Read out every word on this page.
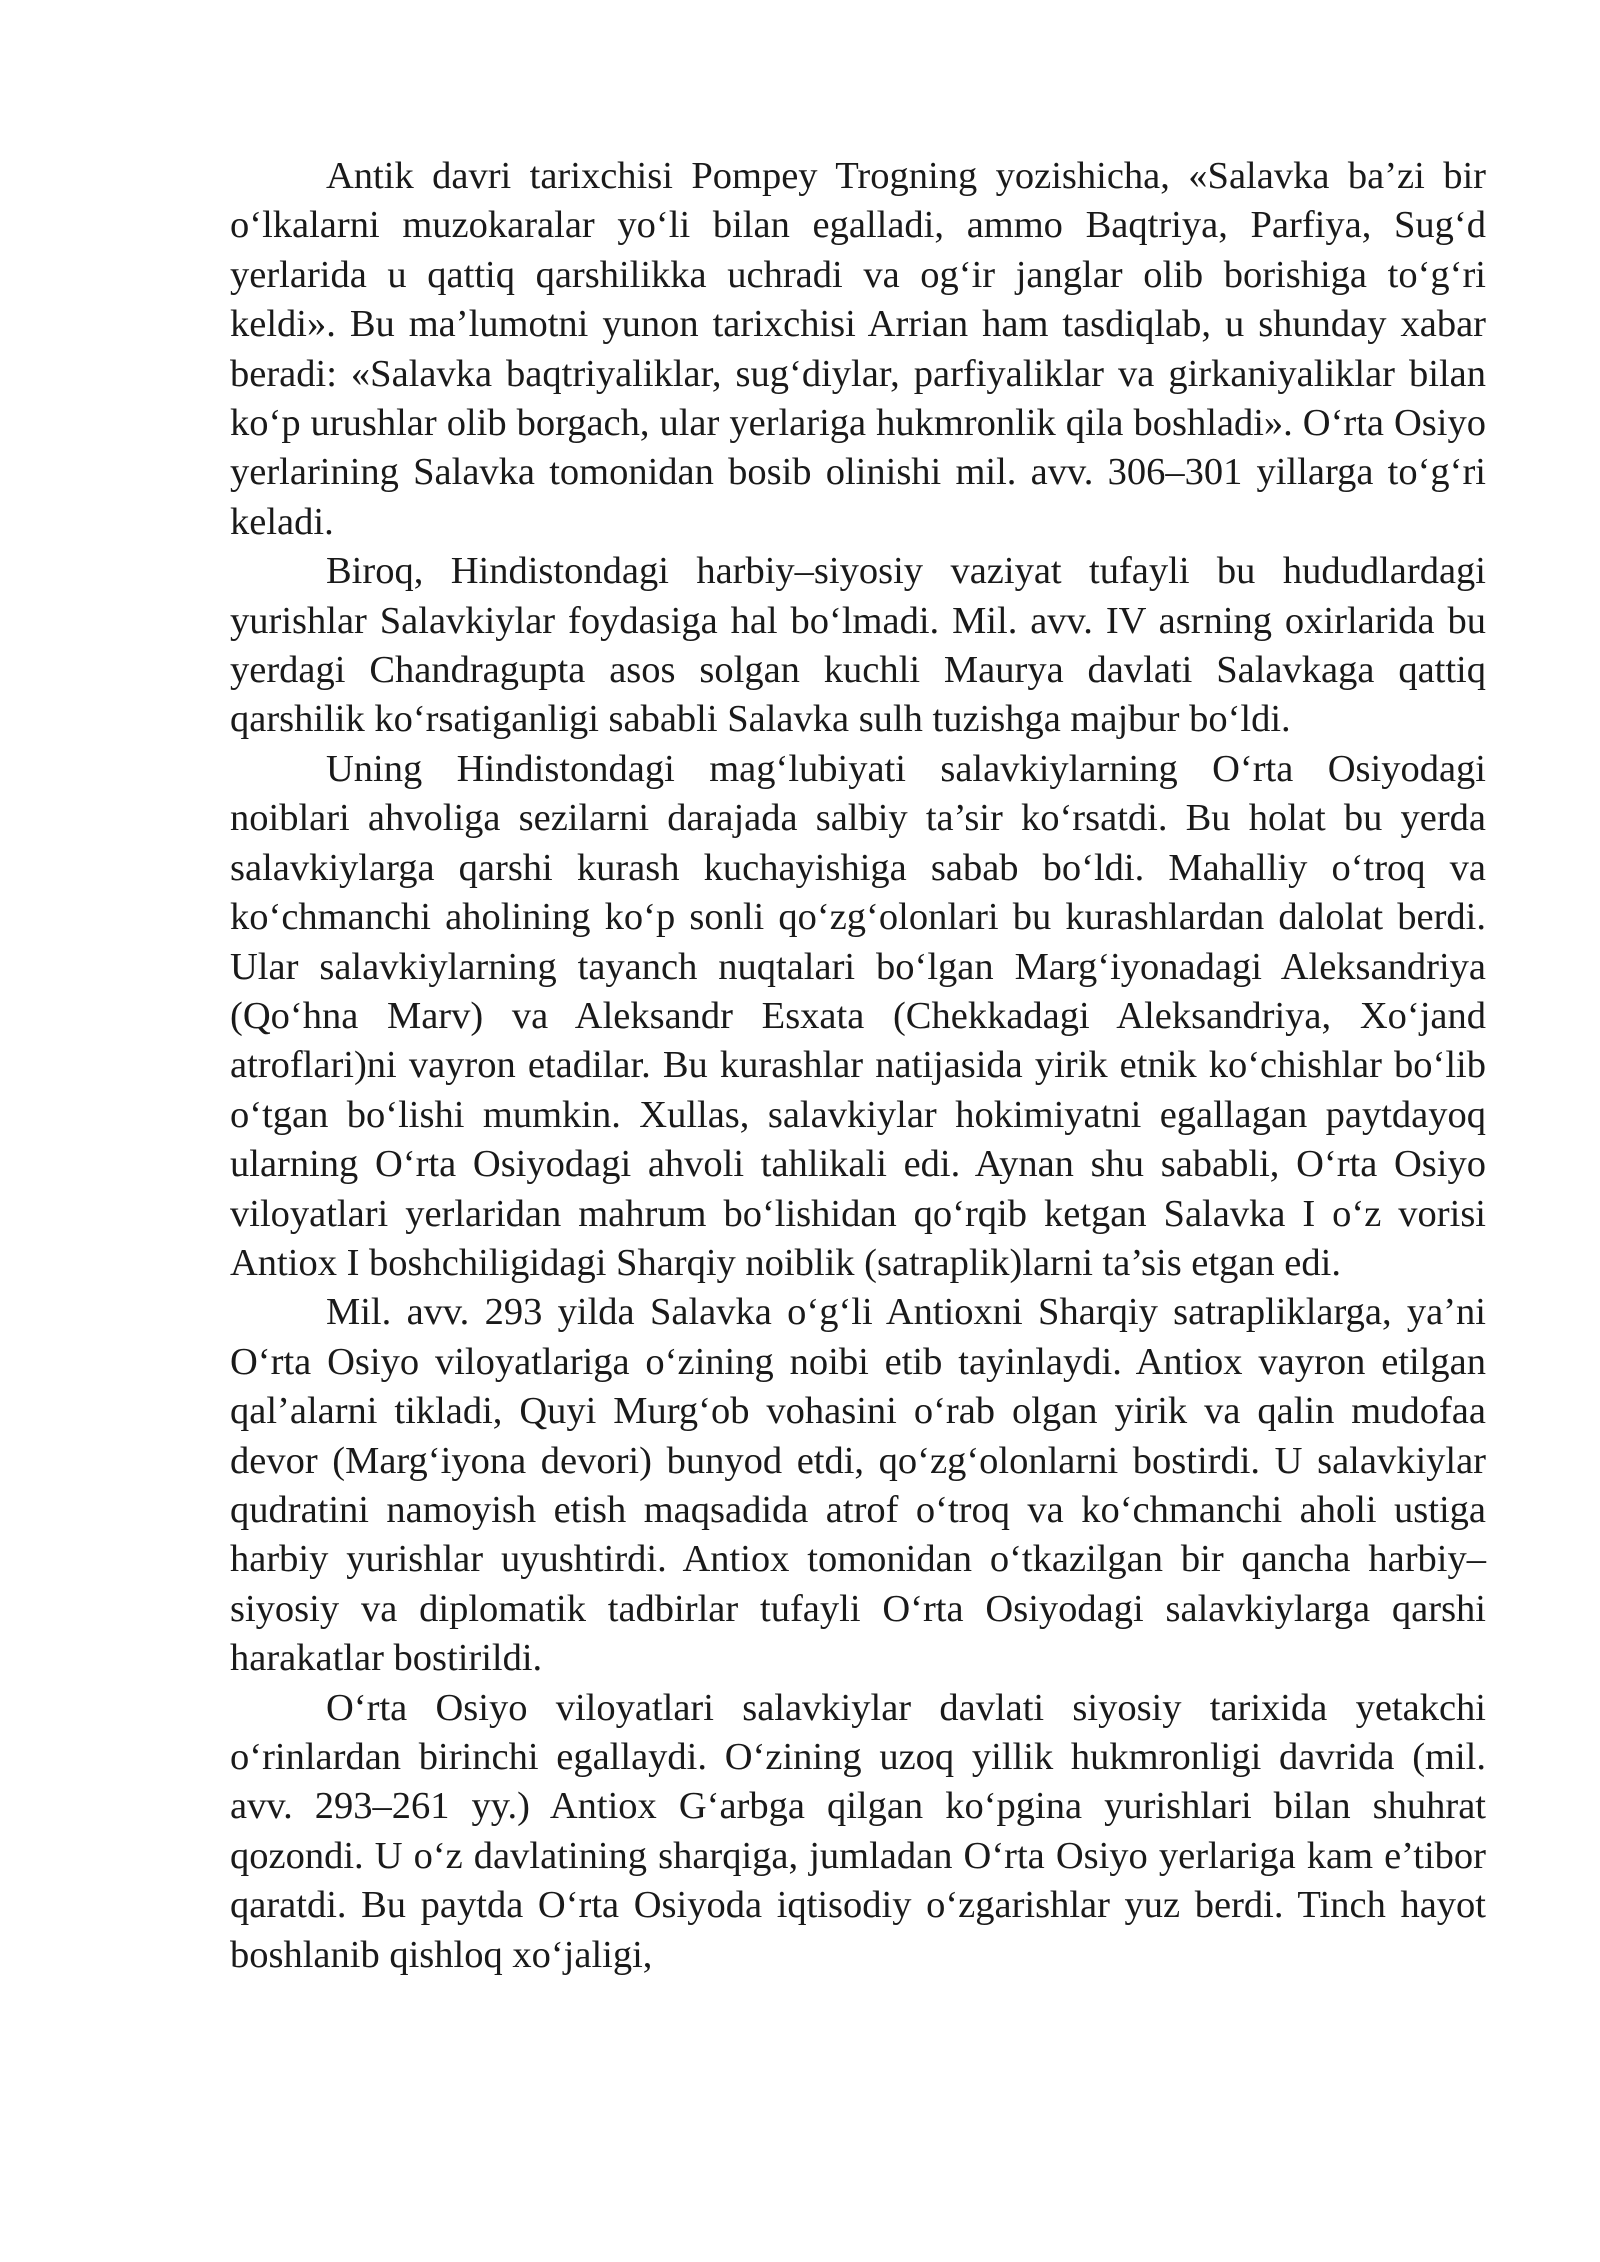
Antik davri tarixchisi Pompey Trogning yozishicha, «Salavka ba’zi bir o‘lkalarni muzokaralar yo‘li bilan egalladi, ammo Baqtriya, Parfiya, Sug‘d yerlarida u qattiq qarshilikka uchradi va og‘ir janglar olib borishiga to‘g‘ri keldi». Bu ma’lumotni yunon tarixchisi Arrian ham tasdiqlab, u shunday xabar beradi: «Salavka baqtriyaliklar, sug‘diylar, parfiyaliklar va girkaniyaliklar bilan ko‘p urushlar olib borgach, ular yerlariga hukmronlik qila boshladi». O‘rta Osiyo yerlarining Salavka tomonidan bosib olinishi mil. avv. 306–301 yillarga to‘g‘ri keladi.

Biroq, Hindistondagi harbiy–siyosiy vaziyat tufayli bu hududlardagi yurishlar Salavkiylar foydasiga hal bo‘lmadi. Mil. avv. IV asrning oxirlarida bu yerdagi Chandragupta asos solgan kuchli Maurya davlati Salavkaga qattiq qarshilik ko‘rsatiganligi sababli Salavka sulh tuzishga majbur bo‘ldi.

Uning Hindistondagi mag‘lubiyati salavkiylarning O‘rta Osiyodagi noiblari ahvoliga sezilarni darajada salbiy ta’sir ko‘rsatdi. Bu holat bu yerda salavkiylarga qarshi kurash kuchayishiga sabab bo‘ldi. Mahalliy o‘troq va ko‘chmanchi aholining ko‘p sonli qo‘zg‘olonlari bu kurashlardan dalolat berdi. Ular salavkiylarning tayanch nuqtalari bo‘lgan Marg‘iyonadagi Aleksandriya (Qo‘hna Marv) va Aleksandr Esxata (Chekkadagi Aleksandriya, Xo‘jand atroflari)ni vayron etadilar. Bu kurashlar natijasida yirik etnik ko‘chishlar bo‘lib o‘tgan bo‘lishi mumkin. Xullas, salavkiylar hokimiyatni egallagan paytdayoq ularning O‘rta Osiyodagi ahvoli tahlikali edi. Aynan shu sababli, O‘rta Osiyo viloyatlari yerlaridan mahrum bo‘lishidan qo‘rqib ketgan Salavka I o‘z vorisi Antiox I boshchiligidagi Sharqiy noiblik (satraplik)larni ta’sis etgan edi.

Mil. avv. 293 yilda Salavka o‘g‘li Antioxni Sharqiy satrapliklarga, ya’ni O‘rta Osiyo viloyatlariga o‘zining noibi etib tayinlaydi. Antiox vayron etilgan qal’alarni tikladi, Quyi Murg‘ob vohasini o‘rab olgan yirik va qalin mudofaa devor (Marg‘iyona devori) bunyod etdi, qo‘zg‘olonlarni bostirdi. U salavkiylar qudratini namoyish etish maqsadida atrof o‘troq va ko‘chmanchi aholi ustiga harbiy yurishlar uyushtirdi. Antiox tomonidan o‘tkazilgan bir qancha harbiy–siyosiy va diplomatik tadbirlar tufayli O‘rta Osiyodagi salavkiylarga qarshi harakatlar bostirildi.

O‘rta Osiyo viloyatlari salavkiylar davlati siyosiy tarixida yetakchi o‘rinlardan birinchi egallaydi. O‘zining uzoq yillik hukmronligi davrida (mil. avv. 293–261 yy.) Antiox G‘arbga qilgan ko‘pgina yurishlari bilan shuhrat qozondi. U o‘z davlatining sharqiga, jumladan O‘rta Osiyo yerlariga kam e’tibor qaratdi. Bu paytda O‘rta Osiyoda iqtisodiy o‘zgarishlar yuz berdi. Tinch hayot boshlanib qishloq xo‘jaligi,
